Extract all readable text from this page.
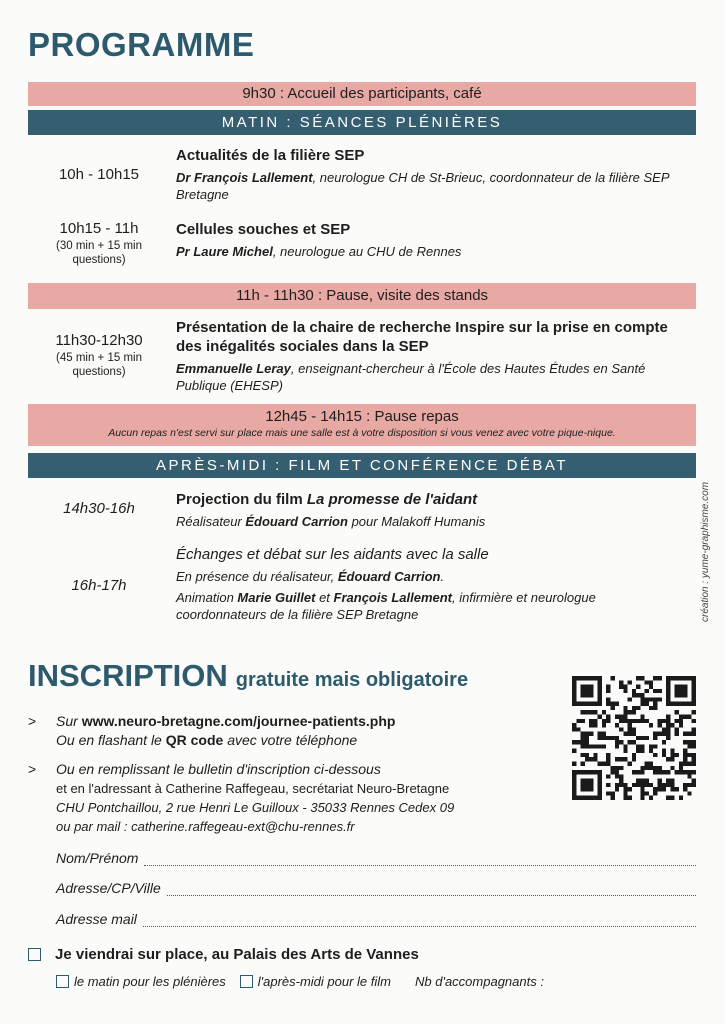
PROGRAMME
9h30 : Accueil des participants, café
MATIN : SÉANCES PLÉNIÈRES
10h - 10h15
Actualités de la filière SEP
Dr François Lallement, neurologue CH de St-Brieuc, coordonnateur de la filière SEP Bretagne
10h15 - 11h
(30 min + 15 min questions)
Cellules souches et SEP
Pr Laure Michel, neurologue au CHU de Rennes
11h - 11h30 : Pause, visite des stands
11h30-12h30
(45 min + 15 min questions)
Présentation de la chaire de recherche Inspire sur la prise en compte des inégalités sociales dans la SEP
Emmanuelle Leray, enseignant-chercheur à l'École des Hautes Études en Santé Publique (EHESP)
12h45 - 14h15 : Pause repas
Aucun repas n'est servi sur place mais une salle est à votre disposition si vous venez avec votre pique-nique.
APRÈS-MIDI : FILM ET CONFÉRENCE DÉBAT
14h30-16h
Projection du film La promesse de l'aidant
Réalisateur Édouard Carrion pour Malakoff Humanis
16h-17h
Échanges et débat sur les aidants avec la salle
En présence du réalisateur, Édouard Carrion.
Animation Marie Guillet et François Lallement, infirmière et neurologue coordonnateurs de la filière SEP Bretagne	création : yume-graphisme.com
INSCRIPTION gratuite mais obligatoire
> Sur www.neuro-bretagne.com/journee-patients.php
Ou en flashant le QR code avec votre téléphone
> Ou en remplissant le bulletin d'inscription ci-dessous
et en l'adressant à Catherine Raffegeau, secrétariat Neuro-Bretagne
CHU Pontchaillou, 2 rue Henri Le Guilloux - 35033 Rennes Cedex 09
ou par mail : catherine.raffegeau-ext@chu-rennes.fr
Nom/Prénom
Adresse/CP/Ville
Adresse mail
Je viendrai sur place, au Palais des Arts de Vannes
le matin pour les plénières l'après-midi pour le film Nb d'accompagnants :
